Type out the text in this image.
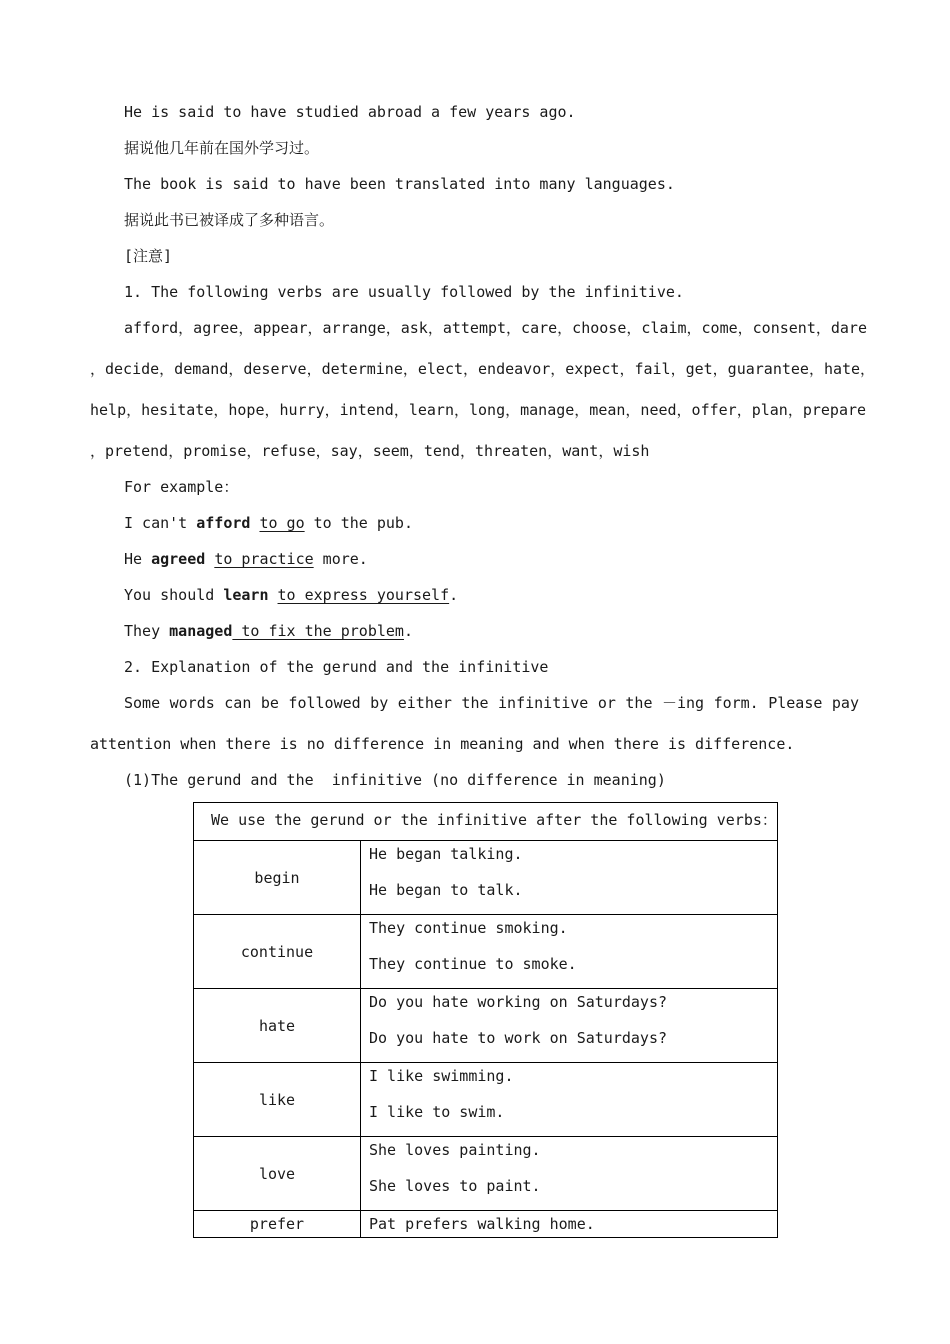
He is said to have studied abroad a few years ago.
据说他几年前在国外学习过。
The book is said to have been translated into many languages.
据说此书已被译成了多种语言。
[注意]
1. The following verbs are usually followed by the infinitive.
afford，agree，appear，arrange，ask，attempt，care，choose，claim，come，consent，dare
，decide，demand，deserve，determine，elect，endeavor，expect，fail，get，guarantee，hate，
help，hesitate，hope，hurry，intend，learn，long，manage，mean，need，offer，plan，prepare
，pretend，promise，refuse，say，seem，tend，threaten，want，wish
For example：
I can't afford to go to the pub.
He agreed to practice more.
You should learn to express yourself.
They managed to fix the problem.
2. Explanation of the gerund and the infinitive
Some words can be followed by either the infinitive or the －ing form. Please pay
attention when there is no difference in meaning and when there is difference.
(1)The gerund and the  infinitive (no difference in meaning)
We use the gerund or the infinitive after the following verbs：	
begin	He began talking.
He began to talk.

continue	They continue smoking.
They continue to smoke.

hate	Do you hate working on Saturdays?
Do you hate to work on Saturdays?

like	I like swimming.
I like to swim.

love	She loves painting.
She loves to paint.

prefer	Pat prefers walking home.
